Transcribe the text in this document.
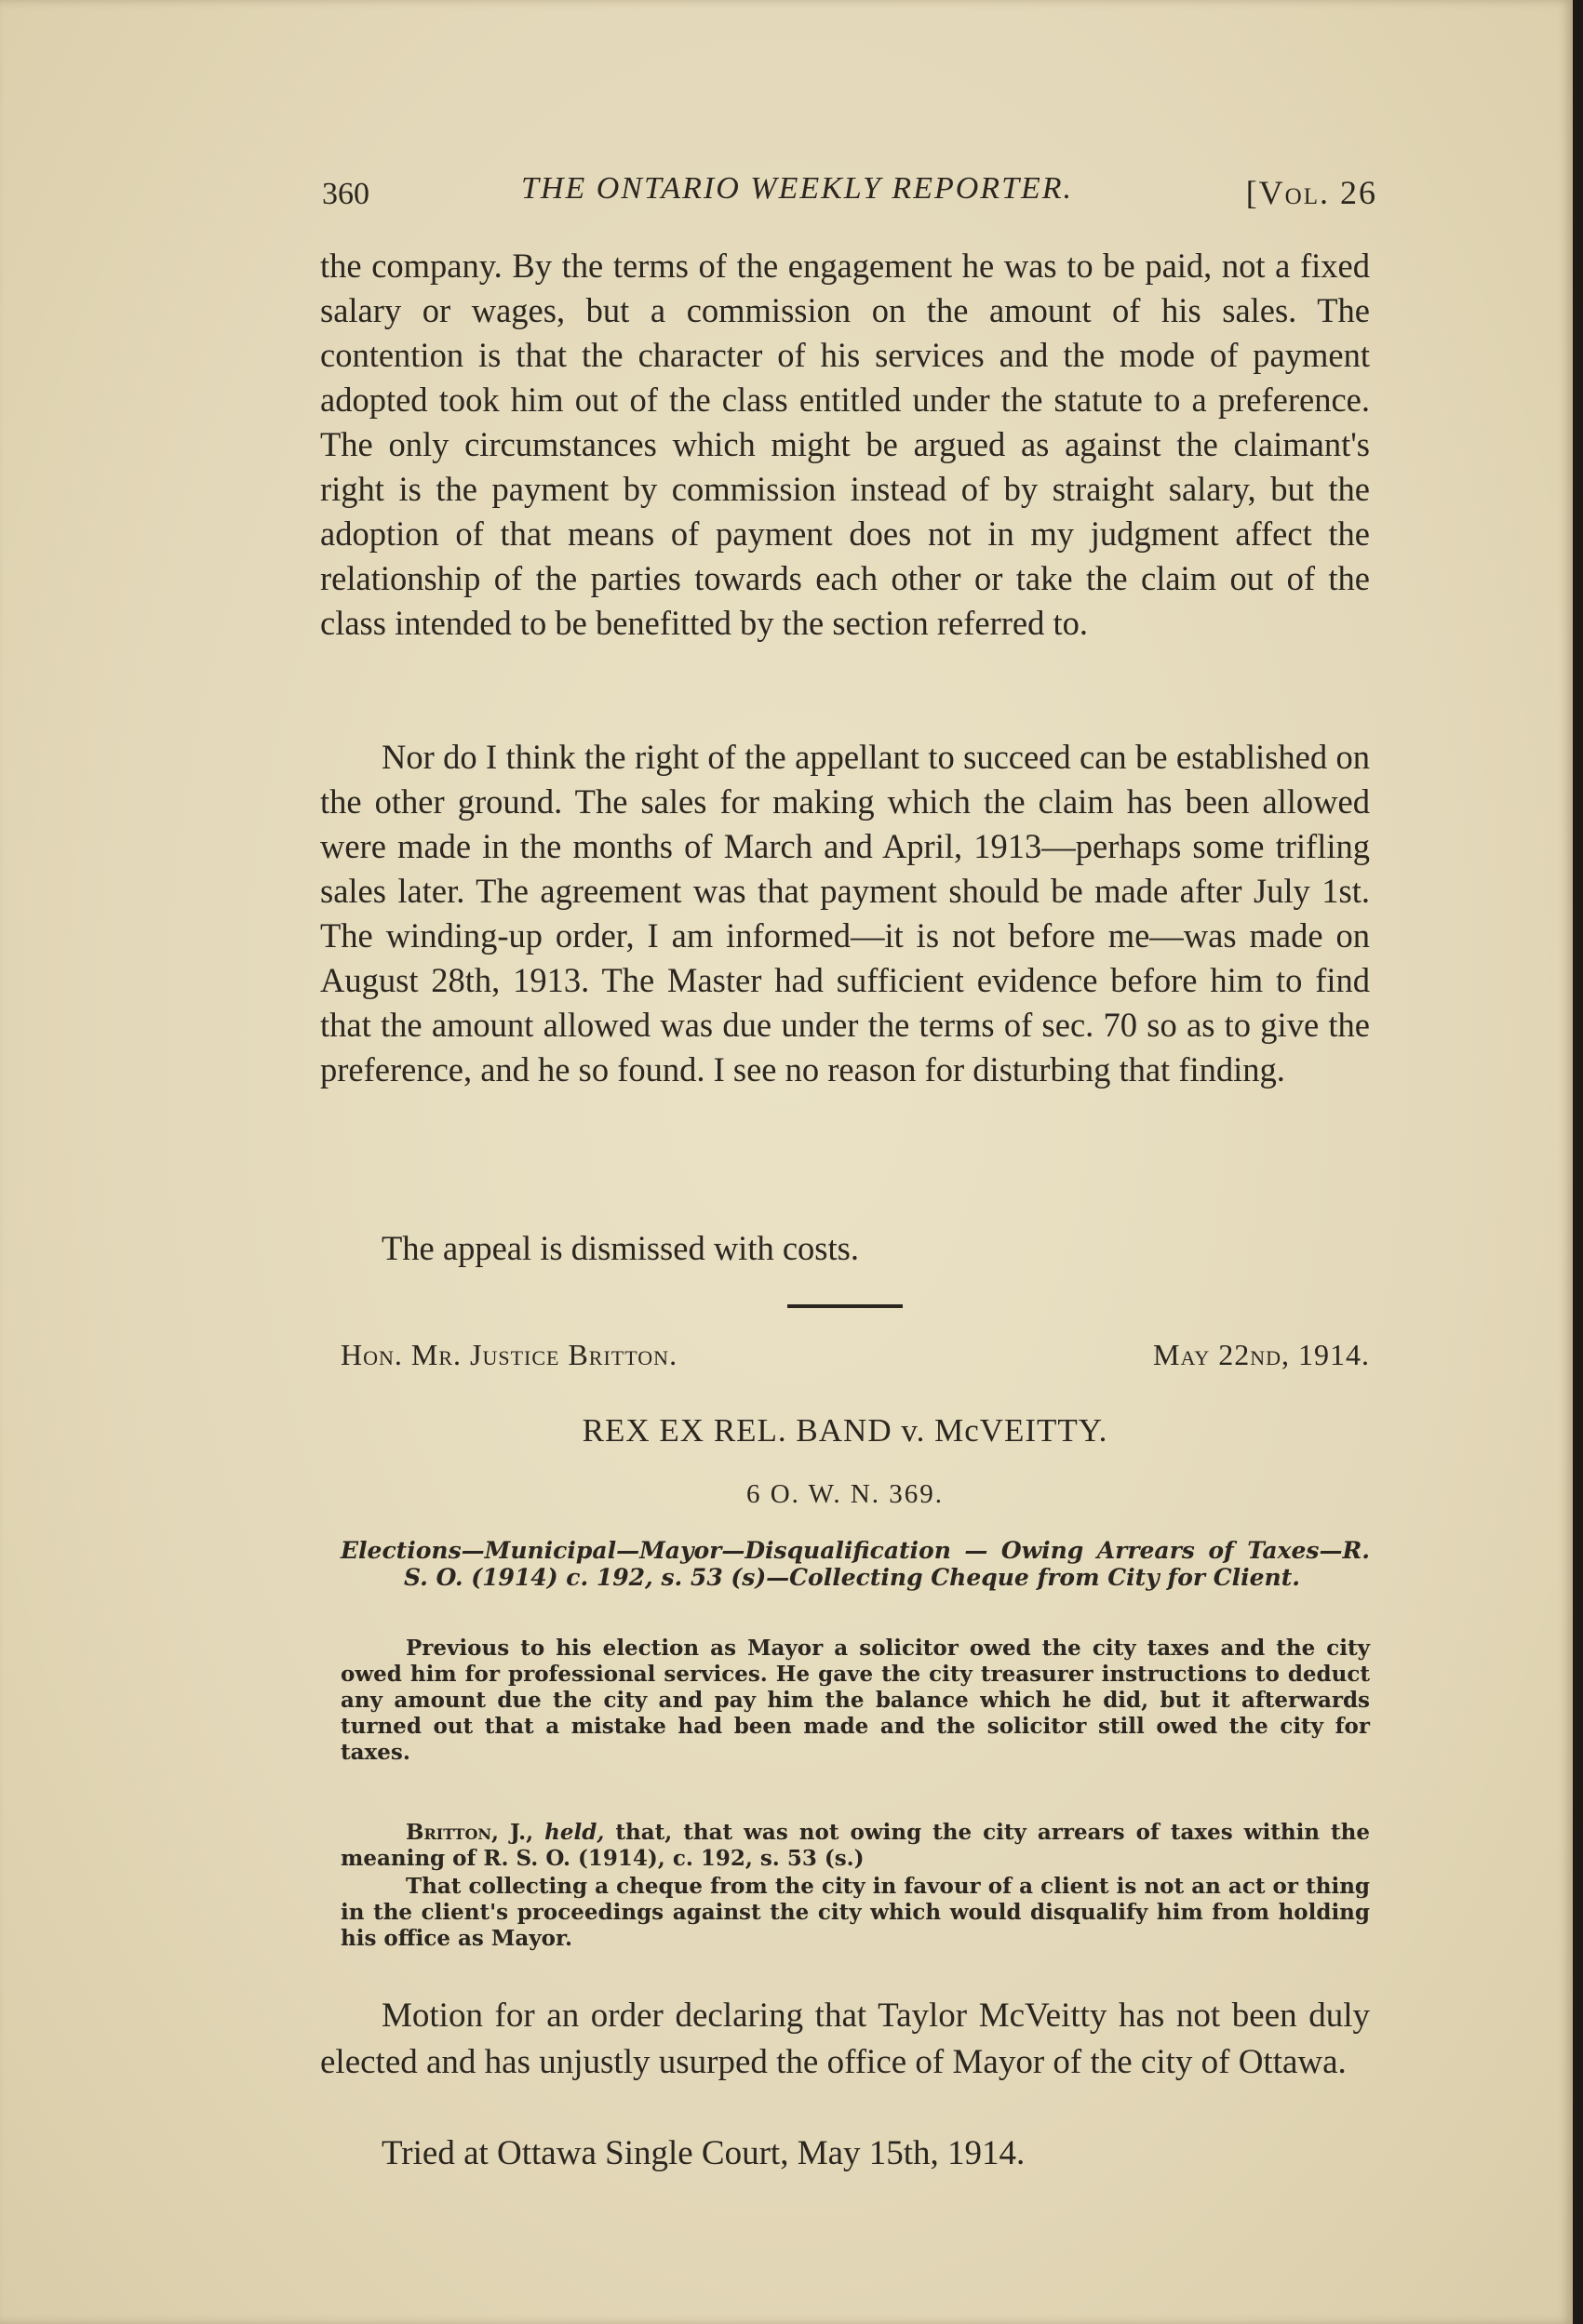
360	THE ONTARIO WEEKLY REPORTER.	[Vol. 26

the company. By the terms of the engagement he was to be paid, not a fixed salary or wages, but a commission on the amount of his sales. The contention is that the character of his services and the mode of payment adopted took him out of the class entitled under the statute to a preference. The only circumstances which might be argued as against the claimant's right is the payment by commission instead of by straight salary, but the adoption of that means of payment does not in my judgment affect the relationship of the parties towards each other or take the claim out of the class intended to be benefitted by the section referred to.

Nor do I think the right of the appellant to succeed can be established on the other ground. The sales for making which the claim has been allowed were made in the months of March and April, 1913—perhaps some trifling sales later. The agreement was that payment should be made after July 1st. The winding-up order, I am informed—it is not before me—was made on August 28th, 1913. The Master had sufficient evidence before him to find that the amount allowed was due under the terms of sec. 70 so as to give the preference, and he so found. I see no reason for disturbing that finding.

The appeal is dismissed with costs.

Hon. Mr. Justice Britton.	May 22nd, 1914.
REX EX REL. BAND v. McVEITTY.
6 O. W. N. 369.
Elections—Municipal—Mayor—Disqualification — Owing Arrears of Taxes—R. S. O. (1914) c. 192, s. 53 (s)—Collecting Cheque from City for Client.

Previous to his election as Mayor a solicitor owed the city taxes and the city owed him for professional services. He gave the city treasurer instructions to deduct any amount due the city and pay him the balance which he did, but it afterwards turned out that a mistake had been made and the solicitor still owed the city for taxes.

Britton, J., held, that, that was not owing the city arrears of taxes within the meaning of R. S. O. (1914), c. 192, s. 53 (s.)

That collecting a cheque from the city in favour of a client is not an act or thing in the client's proceedings against the city which would disqualify him from holding his office as Mayor.

Motion for an order declaring that Taylor McVeitty has not been duly elected and has unjustly usurped the office of Mayor of the city of Ottawa.

Tried at Ottawa Single Court, May 15th, 1914.
